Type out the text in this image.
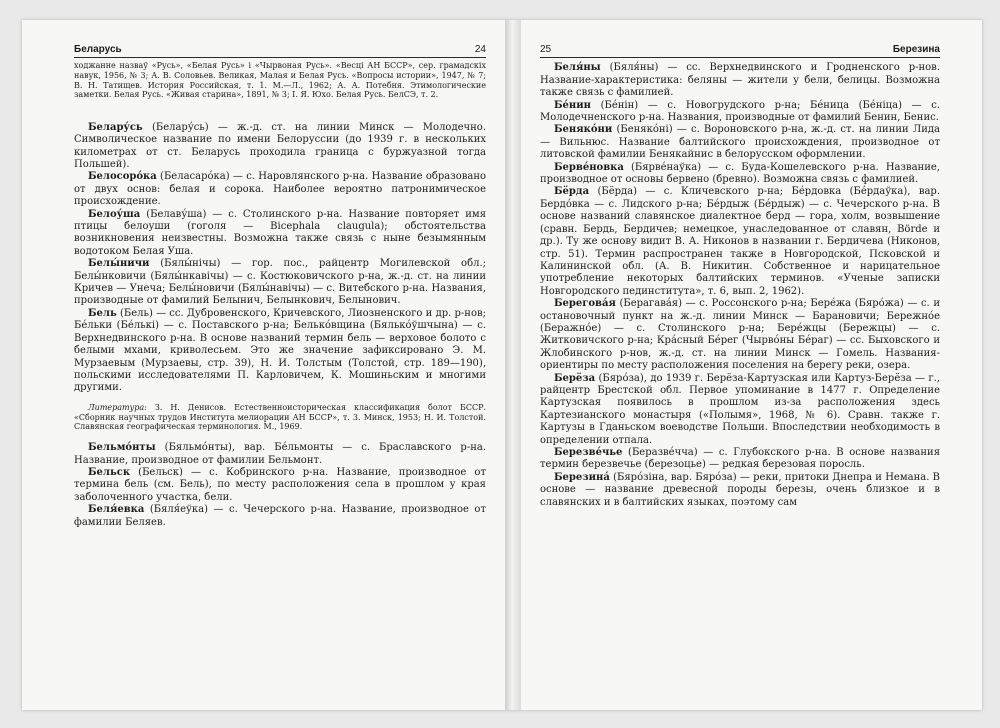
Беларусь	24

ходжанне назваў «Русь», «Белая Русь» і «Чырвоная Русь». «Весці АН БССР», сер. грамадскіх навук, 1956, № 3; А. В. Соловьев. Великая, Малая и Белая Русь. «Вопросы истории», 1947, № 7; В. Н. Татищев. История Российская, т. 1. М.—Л., 1962; А. А. Потебня. Этимологические заметки. Белая Русь. «Живая старина», 1891, № 3; І. Я. Юхо. Белая Русь. БелСЭ, т. 2.

Белару́сь (Белару́сь) — ж.-д. ст. на линии Минск — Молодечно. Символическое название по имени Белоруссии (до 1939 г. в нескольких километрах от ст. Беларусь проходила граница с буржуазной тогда Польшей).

Белосоро́ка (Беласаро́ка) — с. Наровлянского р-на. Название образовано от двух основ: белая и сорока. Наиболее вероятно патронимическое происхождение.

Белоу́ша (Белаву́ша) — с. Столинского р-на. Название повторяет имя птицы белоуши (гоголя — Bicephala claugula); обстоятельства возникновения неизвестны. Возможна также связь с ныне безымянным водотоком Белая Уша.

Белы́ничи (Бялы́нічы) — гор. пос., райцентр Могилевской обл.; Белы́нковичи (Бялы́нкавічы) — с. Костюковичского р-на, ж.-д. ст. на линии Кричев — Унеча; Белы́новичи (Бялы́навічы) — с. Витебского р-на. Названия, производные от фамилий Белынич, Белынкович, Белынович.

Бель (Бель) — сс. Дубровенского, Кричевского, Лиозненского и др. р-нов; Бе́льки (Бе́лькі) — с. Поставского р-на; Белько́вщина (Бялько́ўшчына) — с. Верхнедвинского р-на. В основе названий термин бель — верховое болото с белыми мхами, криволесьем. Это же значение зафиксировано Э. М. Мурзаевым (Мурзаевы, стр. 39), Н. И. Толстым (Толстой, стр. 189—190), польскими исследователями П. Карловичем, К. Мошиньским и многими другими.

Литература: З. Н. Денисов. Естественноисторическая классификация болот БССР. «Сборник научных трудов Института мелиорации АН БССР», т. 3. Минск, 1953; Н. И. Толстой. Славянская географическая терминология. М., 1969.

Бельмо́нты (Бяльмо́нты), вар. Бе́льмонты — с. Браславского р-на. Название, производное от фамилии Бельмонт.

Бельск (Бельск) — с. Кобринского р-на. Название, производное от термина бель (см. Бель), по месту расположения села в прошлом у края заболоченного участка, бели.

Беля́евка (Бяля́еўка) — с. Чечерского р-на. Название, производное от фамилии Беляев.

25	Березина

Беля́ны (Бяля́ны) — сс. Верхнедвинского и Гродненского р-нов. Название-характеристика: беляны — жители у бели, белицы. Возможна также связь с фамилией.

Бе́нин (Бе́нін) — с. Новогрудского р-на; Бе́ница (Бе́ніца) — с. Молодечненского р-на. Названия, производные от фамилий Бенин, Бенис.

Беняко́ни (Беняко́ні) — с. Вороновского р-на, ж.-д. ст. на линии Лида — Вильнюс. Название балтийского происхождения, производное от литовской фамилии Бенякайнис в белорусском оформлении.

Берве́новка (Бярве́наўка) — с. Буда-Кошелевского р-на. Название, производное от основы бервено (бревно). Возможна связь с фамилией.

Бёрда (Бёрда) — с. Кличевского р-на; Бе́рдовка (Бе́рдаўка), вар. Бердо́вка — с. Лидского р-на; Бе́рдыж (Бе́рдыж) — с. Чечерского р-на. В основе названий славянское диалектное берд — гора, холм, возвышение (сравн. Бердь, Бердичев; немецкое, унаследованное от славян, Börde и др.). Ту же основу видит В. А. Никонов в названии г. Бердичева (Никонов, стр. 51). Термин распространен также в Новгородской, Псковской и Калининской обл. (А. В. Никитин. Собственное и нарицательное употребление некоторых балтийских терминов. «Ученые записки Новгородского пединститута», т. 6, вып. 2, 1962).

Берегова́я (Берагава́я) — с. Россонского р-на; Бере́жа (Бяро́жа) — с. и остановочный пункт на ж.-д. линии Минск — Барановичи; Бережно́е (Беражно́е) — с. Столинского р-на; Бере́жцы (Бережцы) — с. Житковичского р-на; Кра́сный Бе́рег (Чырво́ны Бе́раг) — сс. Быховского и Жлобинского р-нов, ж.-д. ст. на линии Минск — Гомель. Названия-ориентиры по месту расположения поселения на берегу реки, озера.

Берёза (Бяро́за), до 1939 г. Берёза-Картузская или Картуз-Берёза — г., райцентр Брестской обл. Первое упоминание в 1477 г. Определение Картузская появилось в прошлом из-за расположения здесь Картезианского монастыря («Полымя», 1968, № 6). Сравн. также г. Картузы в Гданьском воеводстве Польши. Впоследствии необходимость в определении отпала.

Березве́чье (Беразве́чча) — с. Глубокского р-на. В основе названия термин березвечье (березоцье) — редкая березовая поросль.

Березина́ (Бяро́зіна, вар. Бяро́за) — реки, притоки Днепра и Немана. В основе — название древесной породы березы, очень близкое и в славянских и в балтийских языках, поэтому сам
